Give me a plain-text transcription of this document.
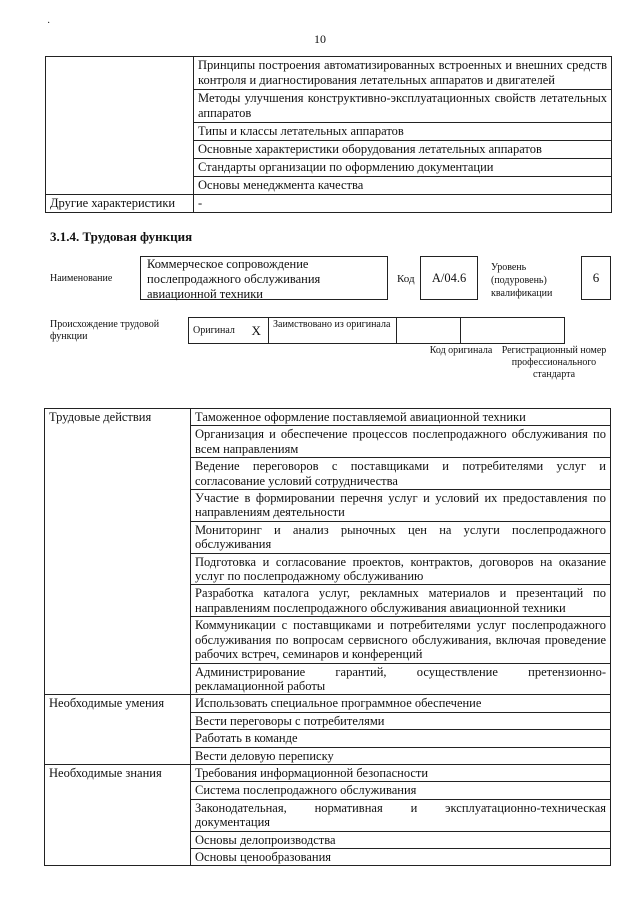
·
10
	Принципы построения автоматизированных встроенных и внешних средств контроля и диагностирования летательных аппаратов и двигателей
	Методы улучшения конструктивно-эксплуатационных свойств летательных аппаратов
	Типы и классы летательных аппаратов
	Основные характеристики оборудования летательных аппаратов
	Стандарты организации по оформлению документации
	Основы менеджмента качества
Другие характеристики	-
3.1.4. Трудовая функция
Наименование
Коммерческое сопровождение послепродажного обслуживания авиационной техники
Код А/04.6
Уровень (подуровень) квалификации
6
Происхождение трудовой функции
Оригинал	X	Заимствовано из оригинала		
Код оригинала Регистрационный номер профессионального стандарта
Трудовые действия	Таможенное оформление поставляемой авиационной техники
	Организация и обеспечение процессов послепродажного обслуживания по всем направлениям
	Ведение переговоров с поставщиками и потребителями услуг и согласование условий сотрудничества
	Участие в формировании перечня услуг и условий их предоставления по направлениям деятельности
	Мониторинг и анализ рыночных цен на услуги послепродажного обслуживания
	Подготовка и согласование проектов, контрактов, договоров на оказание услуг по послепродажному обслуживанию
	Разработка каталога услуг, рекламных материалов и презентаций по направлениям послепродажного обслуживания авиационной техники
	Коммуникации с поставщиками и потребителями услуг послепродажного обслуживания по вопросам сервисного обслуживания, включая проведение рабочих встреч, семинаров и конференций
	Администрирование гарантий, осуществление претензионно-рекламационной работы
Необходимые умения	Использовать специальное программное обеспечение
	Вести переговоры с потребителями
	Работать в команде
	Вести деловую переписку
Необходимые знания	Требования информационной безопасности
	Система послепродажного обслуживания
	Законодательная, нормативная и эксплуатационно-техническая документация
	Основы делопроизводства
	Основы ценообразования
